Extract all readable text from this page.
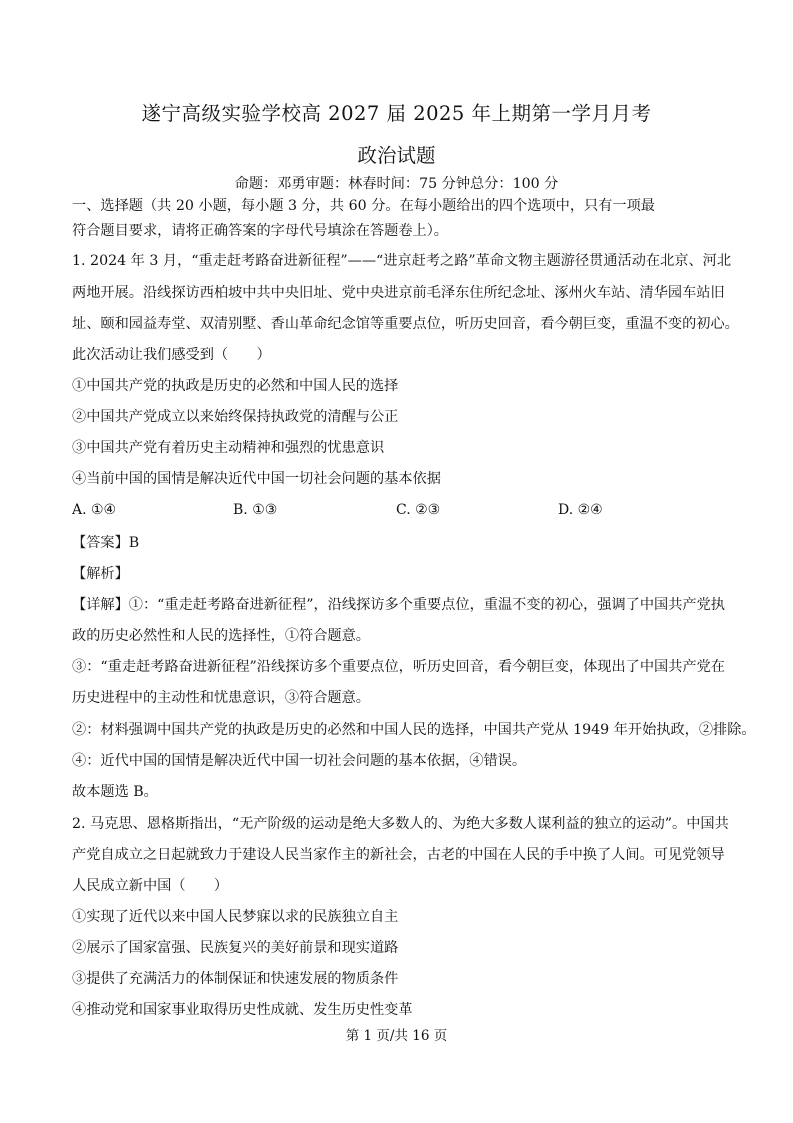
遂宁高级实验学校高 2027 届 2025 年上期第一学月月考
政治试题
命题：邓勇审题：林春时间：75 分钟总分：100 分
一、选择题（共 20 小题，每小题 3 分，共 60 分。在每小题给出的四个选项中，只有一项最
符合题目要求，请将正确答案的字母代号填涂在答题卷上）。
1. 2024 年 3 月，“重走赶考路奋进新征程”——“进京赶考之路”革命文物主题游径贯通活动在北京、河北
两地开展。沿线探访西柏坡中共中央旧址、党中央进京前毛泽东住所纪念址、涿州火车站、清华园车站旧
址、颐和园益寿堂、双清别墅、香山革命纪念馆等重要点位，听历史回音，看今朝巨变，重温不变的初心。
此次活动让我们感受到（　　）
①中国共产党的执政是历史的必然和中国人民的选择
②中国共产党成立以来始终保持执政党的清醒与公正
③中国共产党有着历史主动精神和强烈的忧患意识
④当前中国的国情是解决近代中国一切社会问题的基本依据
A. ①④	B. ①③	C. ②③	D. ②④
【答案】B
【解析】
【详解】①：“重走赶考路奋进新征程”，沿线探访多个重要点位，重温不变的初心，强调了中国共产党执
政的历史必然性和人民的选择性，①符合题意。
③：“重走赶考路奋进新征程”沿线探访多个重要点位，听历史回音，看今朝巨变，体现出了中国共产党在
历史进程中的主动性和忧患意识，③符合题意。
②：材料强调中国共产党的执政是历史的必然和中国人民的选择，中国共产党从 1949 年开始执政，②排除。
④：近代中国的国情是解决近代中国一切社会问题的基本依据，④错误。
故本题选 B。
2. 马克思、恩格斯指出，“无产阶级的运动是绝大多数人的、为绝大多数人谋利益的独立的运动”。中国共
产党自成立之日起就致力于建设人民当家作主的新社会，古老的中国在人民的手中换了人间。可见党领导
人民成立新中国（　　）
①实现了近代以来中国人民梦寐以求的民族独立自主
②展示了国家富强、民族复兴的美好前景和现实道路
③提供了充满活力的体制保证和快速发展的物质条件
④推动党和国家事业取得历史性成就、发生历史性变革
第 1 页/共 16 页
